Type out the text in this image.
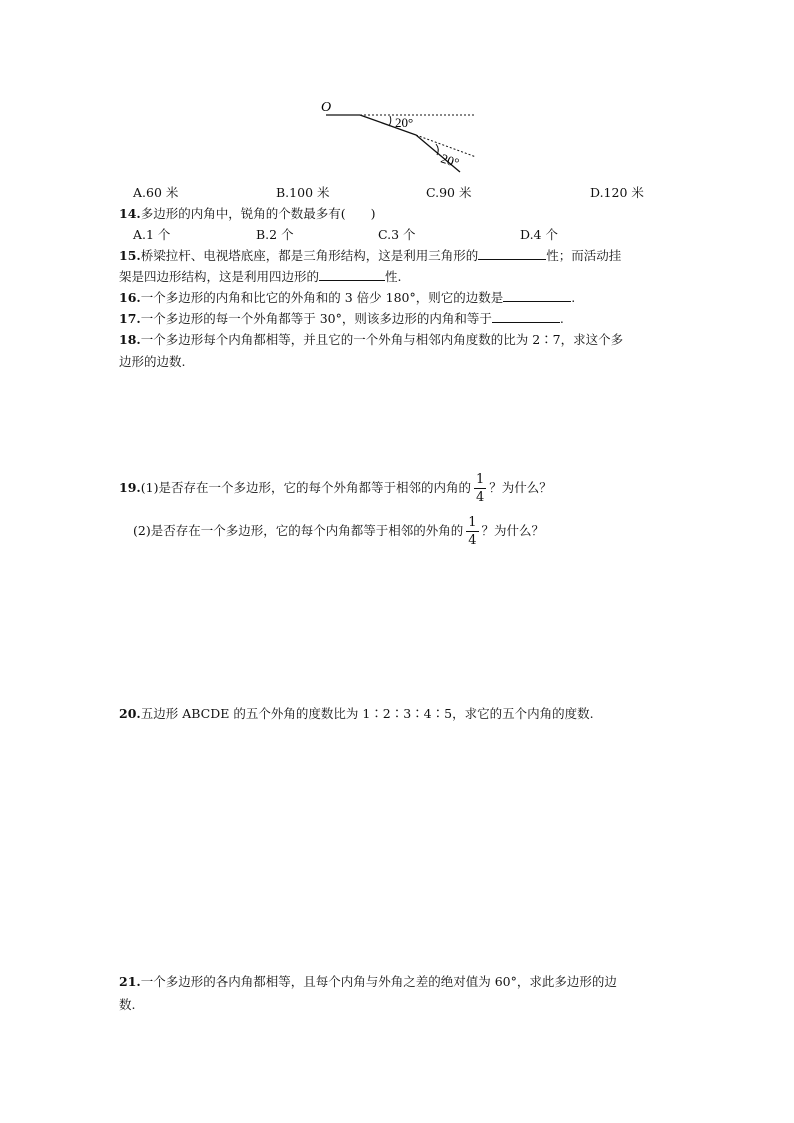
O
20°
20°
A.60 米	B.100 米	C.90 米	D.120 米
14.多边形的内角中，锐角的个数最多有(　　)
A.1 个	B.2 个	C.3 个	D.4 个
15.桥梁拉杆、电视塔底座，都是三角形结构，这是利用三角形的	性；而活动挂
架是四边形结构，这是利用四边形的	性.
16.一个多边形的内角和比它的外角和的 3 倍少 180°，则它的边数是	.
17.一个多边形的每一个外角都等于 30°，则该多边形的内角和等于	.
18.一个多边形每个内角都相等，并且它的一个外角与相邻内角度数的比为 2∶7，求这个多
边形的边数.
19.(1)是否存在一个多边形，它的每个外角都等于相邻的内角的 $\frac{1}{4}$ ？为什么？
(2)是否存在一个多边形，它的每个内角都等于相邻的外角的 $\frac{1}{4}$ ？为什么？
20.五边形 ABCDE 的五个外角的度数比为 1∶2∶3∶4∶5，求它的五个内角的度数.
21.一个多边形的各内角都相等，且每个内角与外角之差的绝对值为 60°，求此多边形的边
数.
